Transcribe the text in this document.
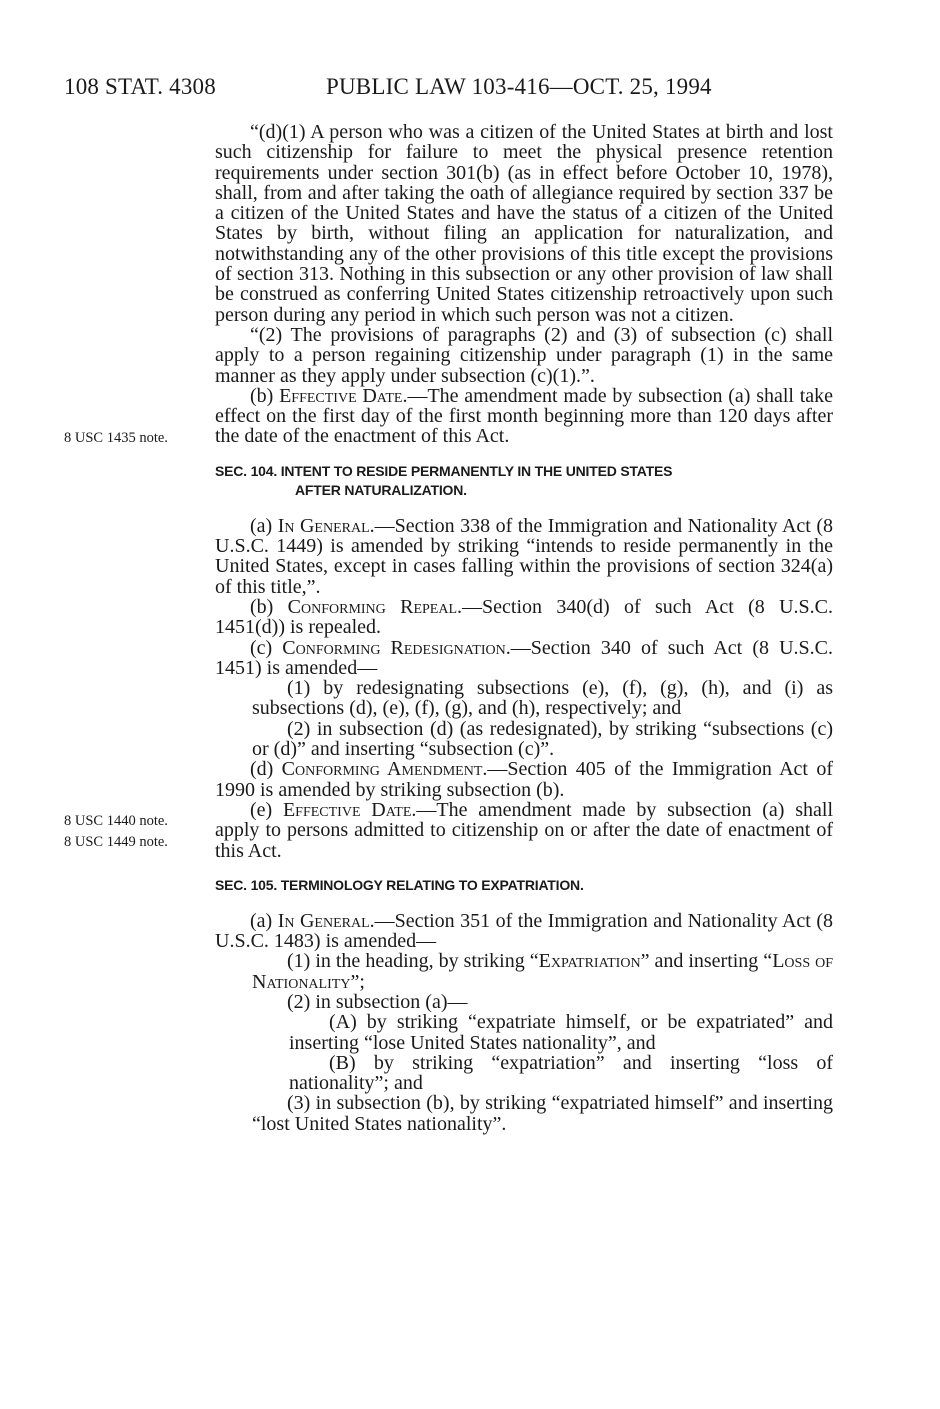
108 STAT. 4308	PUBLIC LAW 103-416—OCT. 25, 1994
8 USC 1435 note.
8 USC 1440 note.
8 USC 1449 note.

“(d)(1) A person who was a citizen of the United States at birth and lost such citizenship for failure to meet the physical presence retention requirements under section 301(b) (as in effect before October 10, 1978), shall, from and after taking the oath of allegiance required by section 337 be a citizen of the United States and have the status of a citizen of the United States by birth, without filing an application for naturalization, and notwithstanding any of the other provisions of this title except the provisions of section 313. Nothing in this subsection or any other provision of law shall be construed as conferring United States citizenship retroactively upon such person during any period in which such person was not a citizen.

“(2) The provisions of paragraphs (2) and (3) of subsection (c) shall apply to a person regaining citizenship under paragraph (1) in the same manner as they apply under subsection (c)(1).”.

(b) Effective Date.—The amendment made by subsection (a) shall take effect on the first day of the first month beginning more than 120 days after the date of the enactment of this Act.

SEC. 104. INTENT TO RESIDE PERMANENTLY IN THE UNITED STATES
AFTER NATURALIZATION.

(a) In General.—Section 338 of the Immigration and Nationality Act (8 U.S.C. 1449) is amended by striking “intends to reside permanently in the United States, except in cases falling within the provisions of section 324(a) of this title,”.

(b) Conforming Repeal.—Section 340(d) of such Act (8 U.S.C. 1451(d)) is repealed.

(c) Conforming Redesignation.—Section 340 of such Act (8 U.S.C. 1451) is amended—

(1) by redesignating subsections (e), (f), (g), (h), and (i) as subsections (d), (e), (f), (g), and (h), respectively; and

(2) in subsection (d) (as redesignated), by striking “subsections (c) or (d)” and inserting “subsection (c)”.

(d) Conforming Amendment.—Section 405 of the Immigration Act of 1990 is amended by striking subsection (b).

(e) Effective Date.—The amendment made by subsection (a) shall apply to persons admitted to citizenship on or after the date of enactment of this Act.

SEC. 105. TERMINOLOGY RELATING TO EXPATRIATION.

(a) In General.—Section 351 of the Immigration and Nationality Act (8 U.S.C. 1483) is amended—

(1) in the heading, by striking “Expatriation” and inserting “Loss of Nationality”;

(2) in subsection (a)—

(A) by striking “expatriate himself, or be expatriated” and inserting “lose United States nationality”, and

(B) by striking “expatriation” and inserting “loss of nationality”; and

(3) in subsection (b), by striking “expatriated himself” and inserting “lost United States nationality”.
